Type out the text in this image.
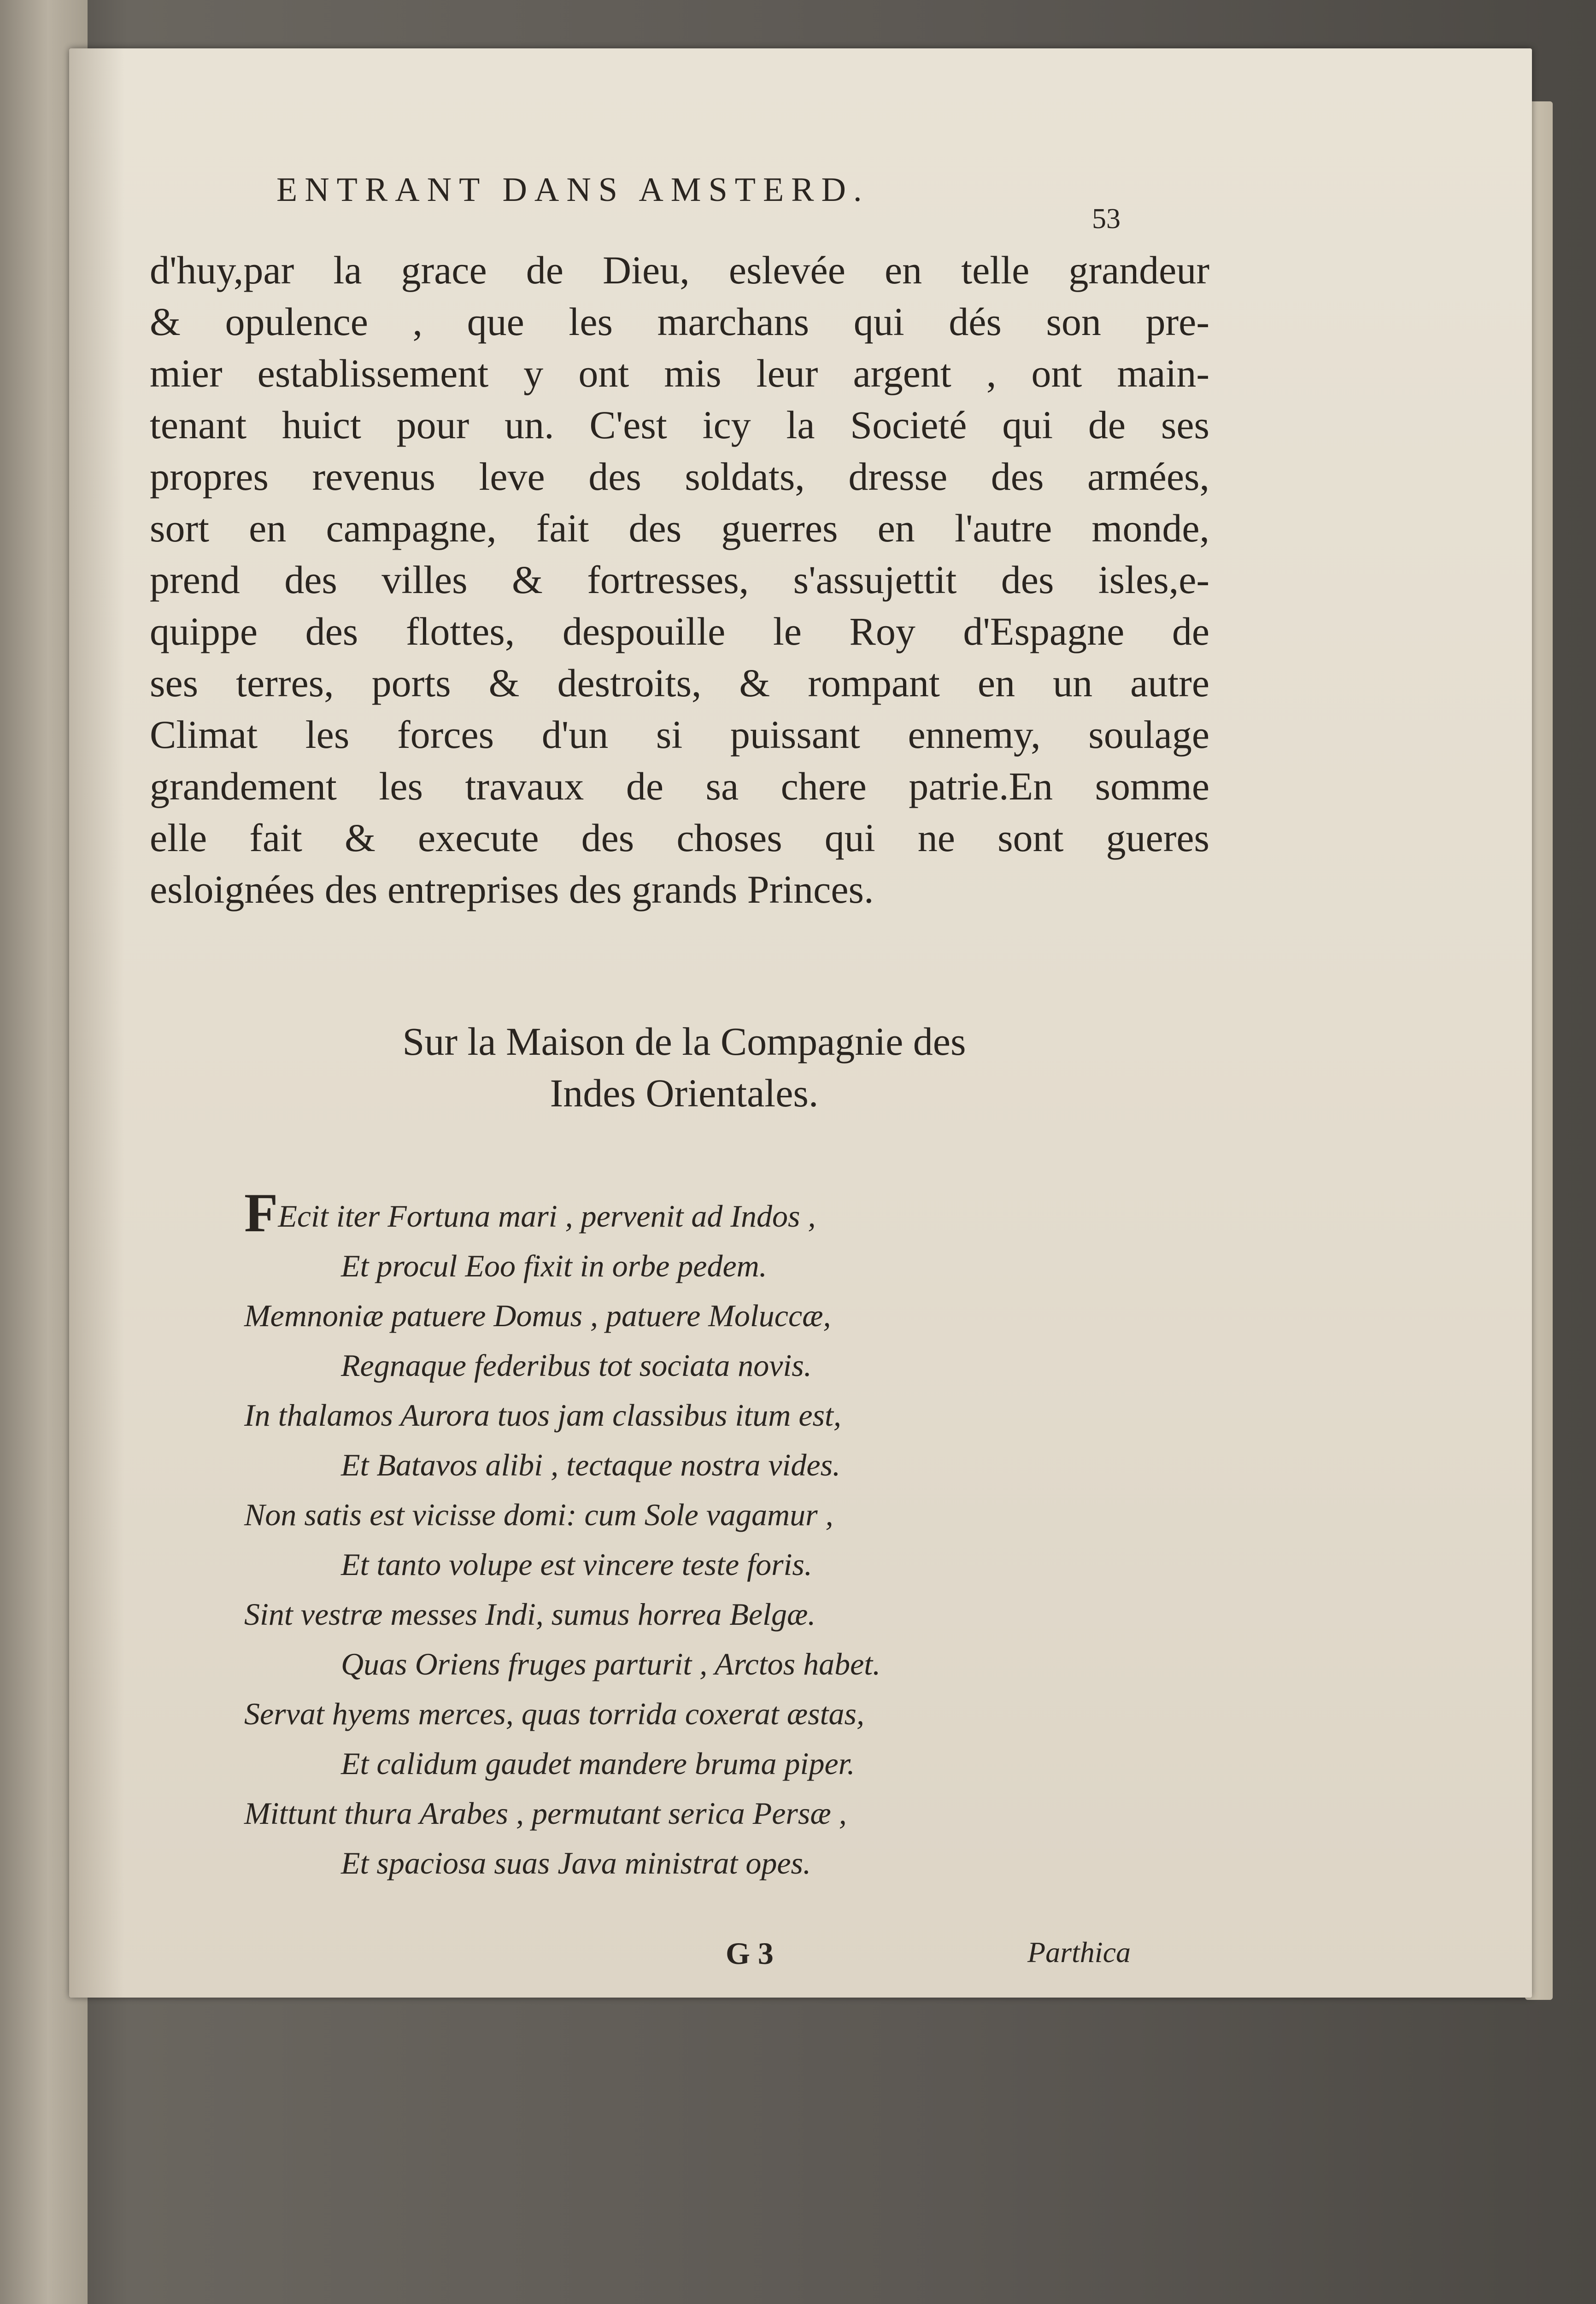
ENTRANT DANS AMSTERD.
53
d'huy,par la grace de Dieu, eslevée en telle grandeur
& opulence , que les marchans qui dés son pre-
mier establissement y ont mis leur argent , ont main-
tenant huict pour un. C'est icy la Societé qui de ses
propres revenus leve des soldats, dresse des armées,
sort en campagne, fait des guerres en l'autre monde,
prend des villes & fortresses, s'assujettit des isles,e-
quippe des flottes, despouille le Roy d'Espagne de
ses terres, ports & destroits, & rompant en un autre
Climat les forces d'un si puissant ennemy, soulage
grandement les travaux de sa chere patrie.En somme
elle fait & execute des choses qui ne sont gueres
esloignées des entreprises des grands Princes.
Sur la Maison de la Compagnie des
Indes Orientales.
FEcit iter Fortuna mari , pervenit ad Indos ,
Et procul Eoo fixit in orbe pedem.
Memnoniæ patuere Domus , patuere Moluccæ,
Regnaque federibus tot sociata novis.
In thalamos Aurora tuos jam classibus itum est,
Et Batavos alibi , tectaque nostra vides.
Non satis est vicisse domi: cum Sole vagamur ,
Et tanto volupe est vincere teste foris.
Sint vestræ messes Indi, sumus horrea Belgæ.
Quas Oriens fruges parturit , Arctos habet.
Servat hyems merces, quas torrida coxerat æstas,
Et calidum gaudet mandere bruma piper.
Mittunt thura Arabes , permutant serica Persæ ,
Et spaciosa suas Java ministrat opes.
G 3	Parthica
